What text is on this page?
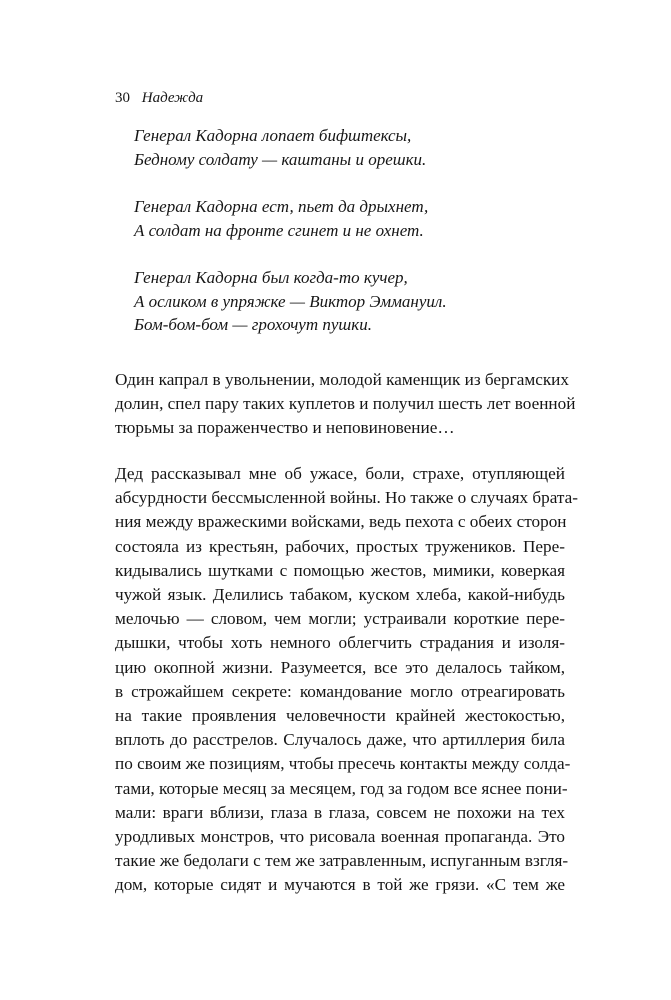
30 Надежда
Генерал Кадорна лопает бифштексы,
Бедному солдату — каштаны и орешки.
Генерал Кадорна ест, пьет да дрыхнет,
А солдат на фронте сгинет и не охнет.
Генерал Кадорна был когда-то кучер,
А осликом в упряжке — Виктор Эммануил.
Бом-бом-бом — грохочут пушки.
Один капрал в увольнении, молодой каменщик из бергамских
долин, спел пару таких куплетов и получил шесть лет военной
тюрьмы за пораженчество и неповиновение…
Дед рассказывал мне об ужасе, боли, страхе, отупляющей
абсурдности бессмысленной войны. Но также о случаях брата-
ния между вражескими войсками, ведь пехота с обеих сторон
состояла из крестьян, рабочих, простых тружеников. Пере-
кидывались шутками с помощью жестов, мимики, коверкая
чужой язык. Делились табаком, куском хлеба, какой-нибудь
мелочью — словом, чем могли; устраивали короткие пере-
дышки, чтобы хоть немного облегчить страдания и изоля-
цию окопной жизни. Разумеется, все это делалось тайком,
в строжайшем секрете: командование могло отреагировать
на такие проявления человечности крайней жестокостью,
вплоть до расстрелов. Случалось даже, что артиллерия била
по своим же позициям, чтобы пресечь контакты между солда-
тами, которые месяц за месяцем, год за годом все яснее пони-
мали: враги вблизи, глаза в глаза, совсем не похожи на тех
уродливых монстров, что рисовала военная пропаганда. Это
такие же бедолаги с тем же затравленным, испуганным взгля-
дом, которые сидят и мучаются в той же грязи. «С тем же
